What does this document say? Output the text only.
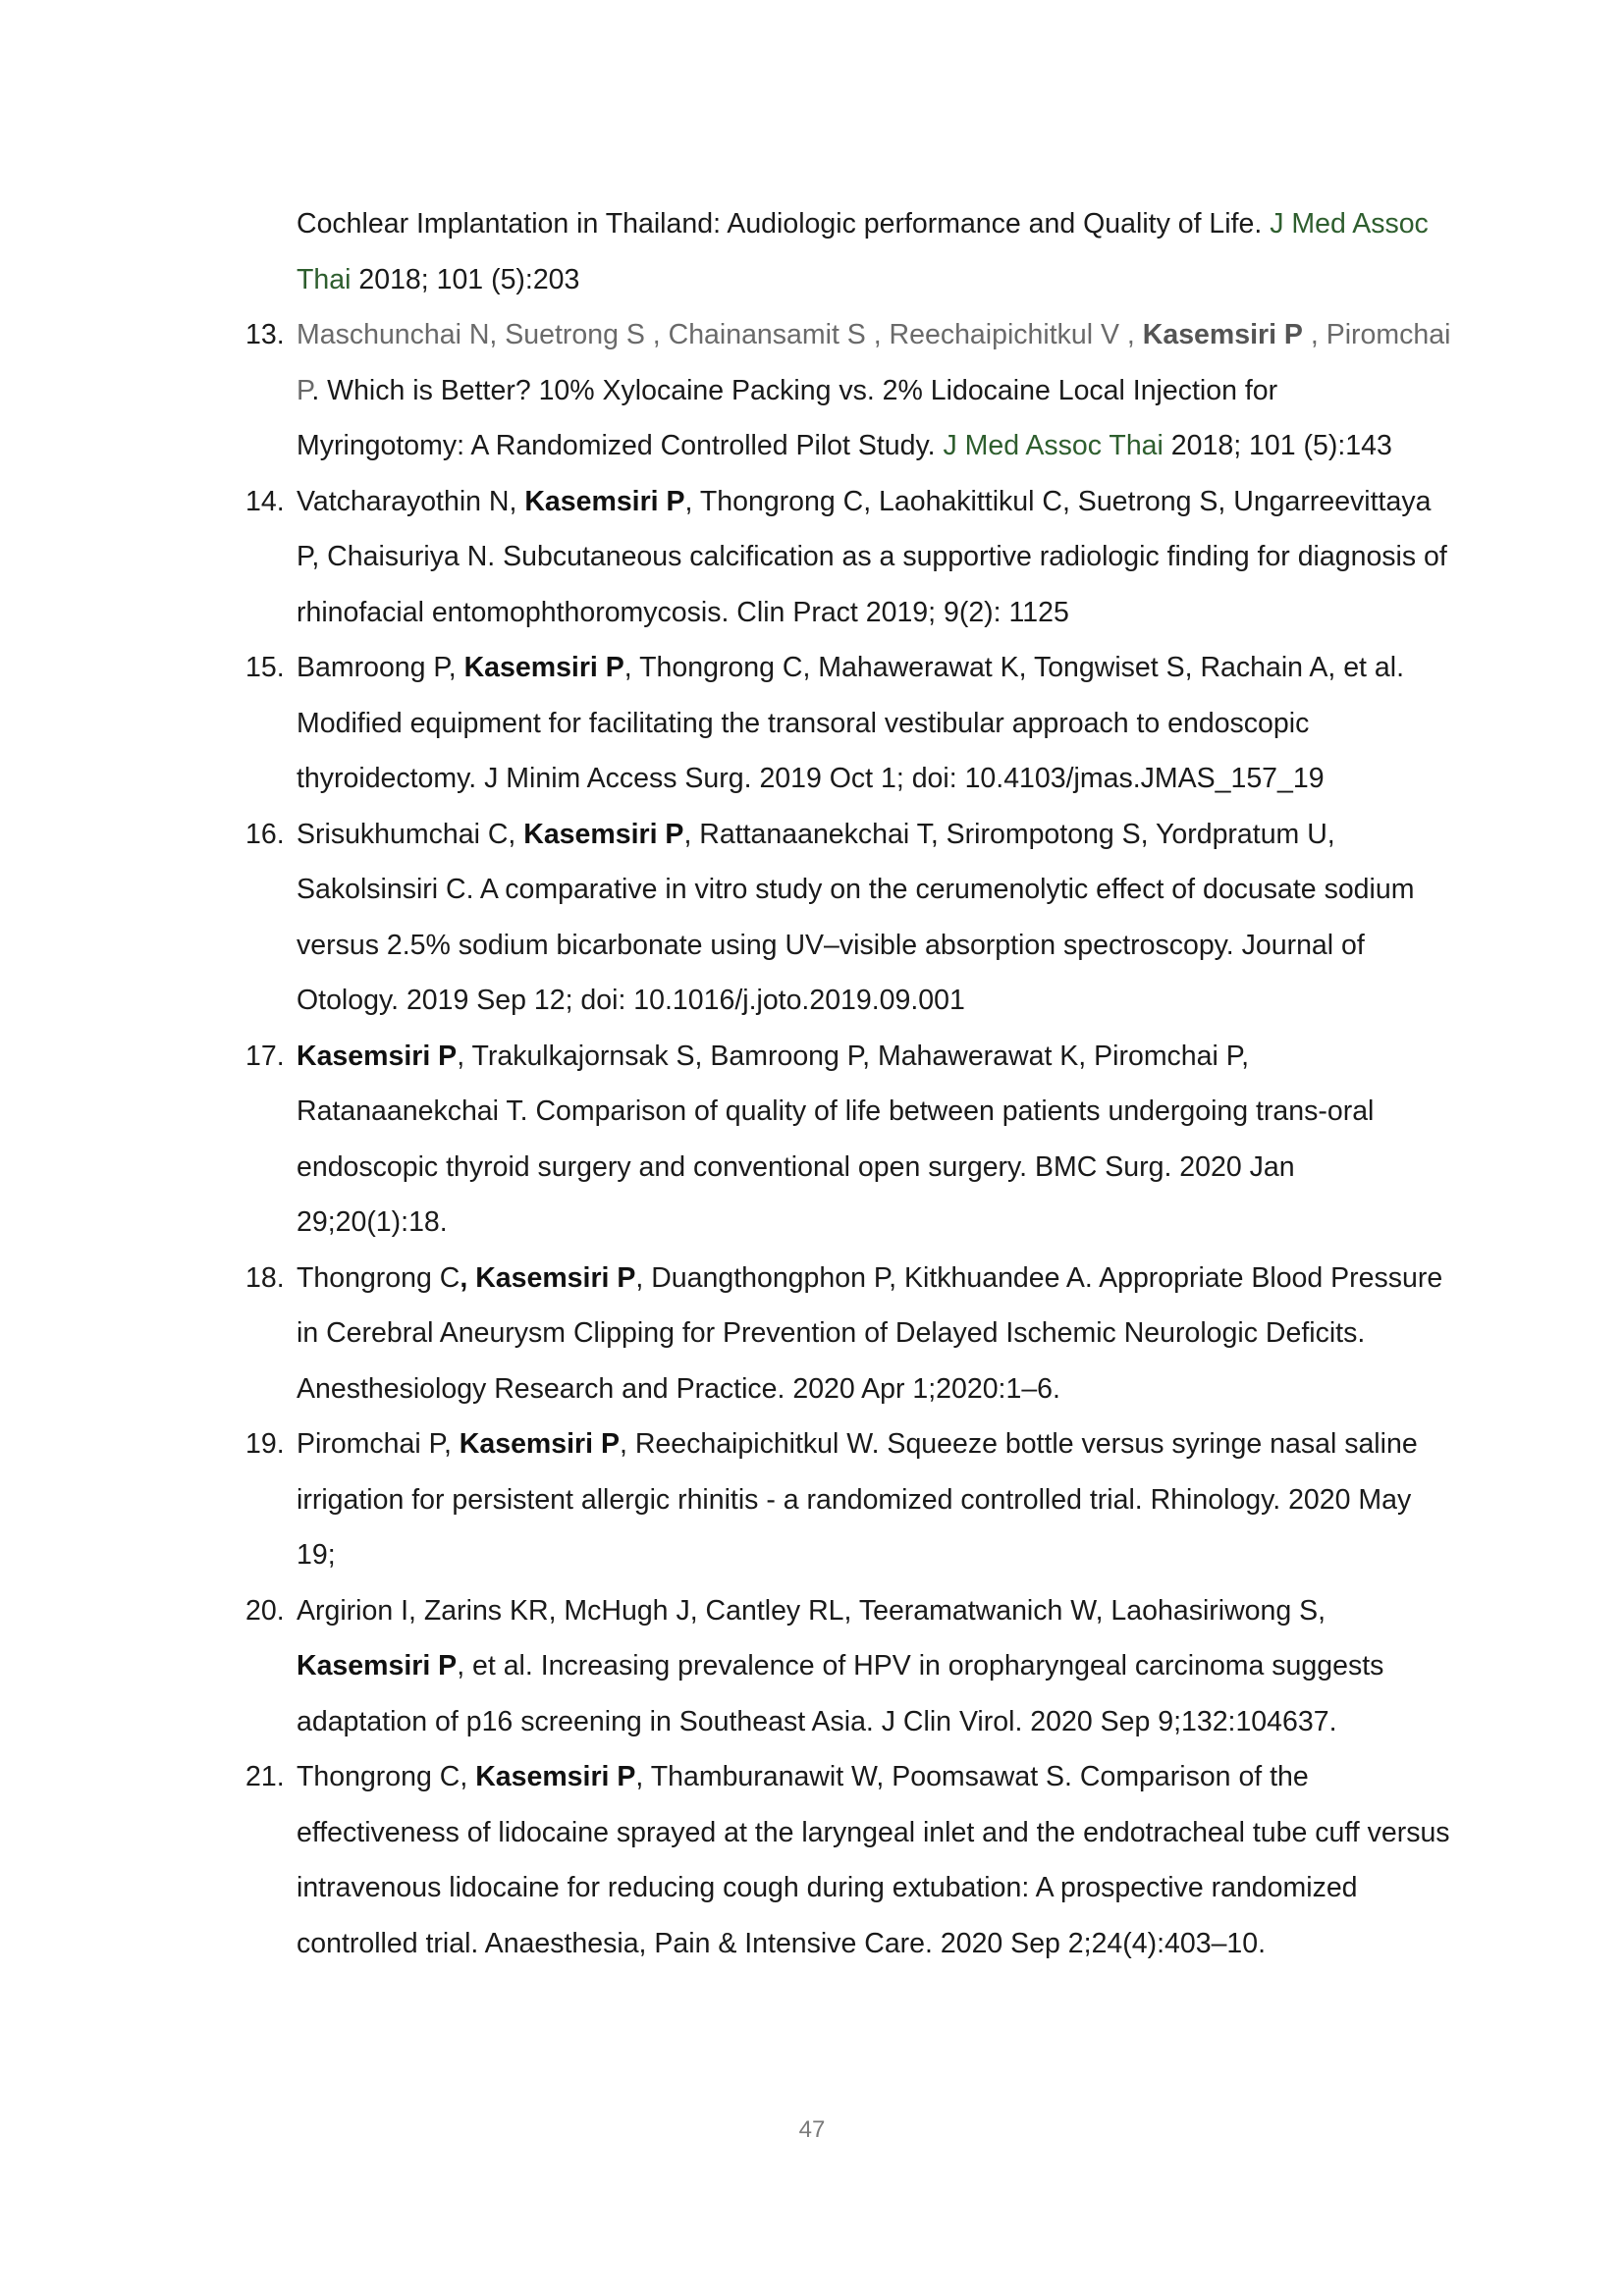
Cochlear Implantation in Thailand: Audiologic performance and Quality of Life. J Med Assoc Thai 2018; 101 (5):203
13. Maschunchai N, Suetrong S , Chainansamit S , Reechaipichitkul V , Kasemsiri P , Piromchai P. Which is Better? 10% Xylocaine Packing vs. 2% Lidocaine Local Injection for Myringotomy: A Randomized Controlled Pilot Study. J Med Assoc Thai 2018; 101 (5):143
14. Vatcharayothin N, Kasemsiri P, Thongrong C, Laohakittikul C, Suetrong S, Ungarreevittaya P, Chaisuriya N. Subcutaneous calcification as a supportive radiologic finding for diagnosis of rhinofacial entomophthoromycosis. Clin Pract 2019; 9(2): 1125
15. Bamroong P, Kasemsiri P, Thongrong C, Mahawerawat K, Tongwiset S, Rachain A, et al. Modified equipment for facilitating the transoral vestibular approach to endoscopic thyroidectomy. J Minim Access Surg. 2019 Oct 1; doi: 10.4103/jmas.JMAS_157_19
16. Srisukhumchai C, Kasemsiri P, Rattanaanekchai T, Srirompotong S, Yordpratum U, Sakolsinsiri C. A comparative in vitro study on the cerumenolytic effect of docusate sodium versus 2.5% sodium bicarbonate using UV–visible absorption spectroscopy. Journal of Otology. 2019 Sep 12; doi: 10.1016/j.joto.2019.09.001
17. Kasemsiri P, Trakulkajornsak S, Bamroong P, Mahawerawat K, Piromchai P, Ratanaanekchai T. Comparison of quality of life between patients undergoing trans-oral endoscopic thyroid surgery and conventional open surgery. BMC Surg. 2020 Jan 29;20(1):18.
18. Thongrong C, Kasemsiri P, Duangthongphon P, Kitkhuandee A. Appropriate Blood Pressure in Cerebral Aneurysm Clipping for Prevention of Delayed Ischemic Neurologic Deficits. Anesthesiology Research and Practice. 2020 Apr 1;2020:1–6.
19. Piromchai P, Kasemsiri P, Reechaipichitkul W. Squeeze bottle versus syringe nasal saline irrigation for persistent allergic rhinitis - a randomized controlled trial. Rhinology. 2020 May 19;
20. Argirion I, Zarins KR, McHugh J, Cantley RL, Teeramatwanich W, Laohasiriwong S, Kasemsiri P, et al. Increasing prevalence of HPV in oropharyngeal carcinoma suggests adaptation of p16 screening in Southeast Asia. J Clin Virol. 2020 Sep 9;132:104637.
21. Thongrong C, Kasemsiri P, Thamburanawit W, Poomsawat S. Comparison of the effectiveness of lidocaine sprayed at the laryngeal inlet and the endotracheal tube cuff versus intravenous lidocaine for reducing cough during extubation: A prospective randomized controlled trial. Anaesthesia, Pain & Intensive Care. 2020 Sep 2;24(4):403–10.
47
